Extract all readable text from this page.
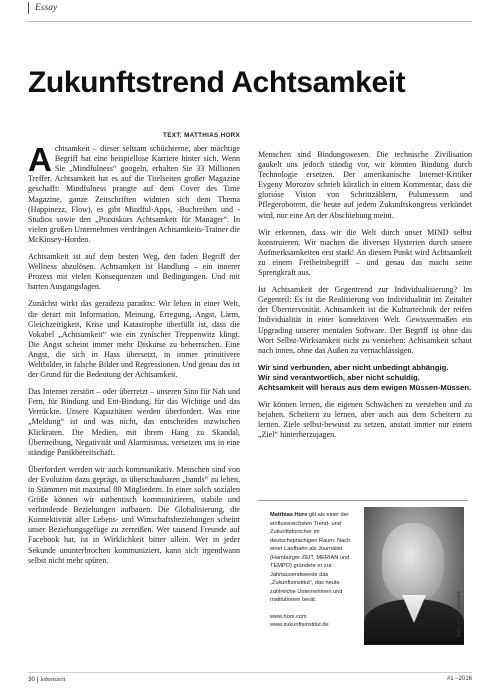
Essay
Zukunftstrend Achtsamkeit
TEXT: MATTHIAS HORX

Achtsamkeit – dieser seltsam schüchterne, aber mächtige Begriff hat eine beispiellose Karriere hinter sich. Wenn Sie „Mindfulness“ googeln, erhalten Sie 33 Millionen Treffer. Achtsamkeit hat es auf die Titelseiten großer Magazine geschafft: Mindfulness prangte auf dem Cover des Time Magazine, ganze Zeitschriften widmen sich dem Thema (Happinezz, Flow), es gibt Mindful-Apps, -Buchreihen und -Studios sowie den „Praxiskurs Achtsamkeit für Manager“. In vielen großen Unternehmen verdrängen Achtsamkeits-Trainer die McKinsey-Horden.

Achtsamkeit ist auf dem besten Weg, den faden Begriff der Wellness abzulösen. Achtsamkeit ist Handlung – ein innerer Prozess mit vielen Konsequenzen und Bedingungen. Und mit harten Ausgangslagen.

Zunächst wirkt das geradezu paradox: Wir leben in einer Welt, die derart mit Information, Meinung, Erregung, Angst, Lärm, Gleichzeitigkeit, Krise und Katastrophe überfüllt ist, dass die Vokabel „Achtsamkeit“ wie ein zynischer Treppenwitz klingt. Die Angst scheint immer mehr Diskurse zu beherrschen. Eine Angst, die sich in Hass übersetzt, in immer primitivere Weltbilder, in falsche Bilder und Regressionen. Und genau das ist der Grund für die Bedeutung der Achtsamkeit.

Das Internet zerstört – oder überreizt – unseren Sinn für Nah und Fern, für Bindung und Ent-Bindung, für das Wichtige und das Verrückte. Unsere Kapazitäten werden überfordert. Was eine „Meldung“ ist und was nicht, das entscheiden inzwischen Klickraten. Die Medien, mit ihrem Hang zu Skandal, Übertreibung, Negativität und Alarmismus, versetzen uns in eine ständige Panikbereitschaft.

Überfordert werden wir auch kommunikativ. Menschen sind von der Evolution dazu geprägt, in überschaubaren „bands“ zu leben, in Stämmen mit maximal 80 Mitgliedern. In einer solch sozialen Größe können wir authentisch kommunizieren, stabile und verbindende Beziehungen aufbauen. Die Globalisierung, die Konnektivität aller Lebens- und Wirtschaftsbeziehungen scheint unser Beziehungsgefüge zu zerreißen. Wer tausend Freunde auf Facebook hat, ist in Wirklichkeit bitter allein. Wer in jeder Sekunde ununterbrochen kommuniziert, kann sich irgendwann selbst nicht mehr spüren.

Menschen sind Bindungswesen. Die technische Zivilisation gaukelt uns jedoch ständig vor, wir könnten Bindung durch Technologie ersetzen. Der amerikanische Internet-Kritiker Evgeny Morozov schrieb kürzlich in einem Kommentar, dass die glorióse Vision von Schrittzählern, Pulsmessern und Pflegerobotern, die heute auf jedem Zukunftskongress verkündet wird, nur eine Art der Abschiebung meint.

Wir erkennen, dass wir die Welt durch unser MIND selbst konstruieren. Wir machen die diversen Hysterien durch unsere Aufmerksamkeiten erst stark! An diesem Punkt wird Achtsamkeit zu einem Freiheitsbegriff – und genau das macht seine Sprengkraft aus.

Ist Achtsamkeit der Gegentrend zur Individualisierung? Im Gegenteil: Es ist die Realisierung von Individualität im Zeitalter der Übernervosität. Achtsamkeit ist die Kulturtechnik der reifen Individualität in einer konnektiven Welt. Gewissermaßen ein Upgrading unserer mentalen Software. Der Begriff ist ohne das Wort Selbst-Wirksamkeit nicht zu verstehen: Achtsamkeit schaut nach innen, ohne das Außen zu vernachlässigen.

Wir sind verbunden, aber nicht unbedingt abhängig.
Wir sind verantwortlich, aber nicht schuldig.
Achtsamkeit will heraus aus dem ewigen Müssen-Müssen.

Wir können lernen, die eigenen Schwächen zu verstehen und zu bejahen. Scheitern zu lernen, aber auch aus dem Scheitern zu lernen. Ziele selbst-bewusst zu setzen, anstatt immer nur einem „Ziel“ hinterherzujagen.

Matthias Horx gilt als einer der einflussreichsten Trend- und Zukunftsforscher im deutschsprachigen Raum. Nach einer Laufbahn als Journalist (Hamburger ZEIT, MERIAN und TEMPO) gründete er zur Jahrtausendwende das „Zukunftsinstitut“, das heute zahlreiche Unternehmen und Institutionen berät.
www.horx.com
www.zukunftsinstitut.de	Foto: Klaus Vyhnalek
30 | lebenszeit	#1 –2016
